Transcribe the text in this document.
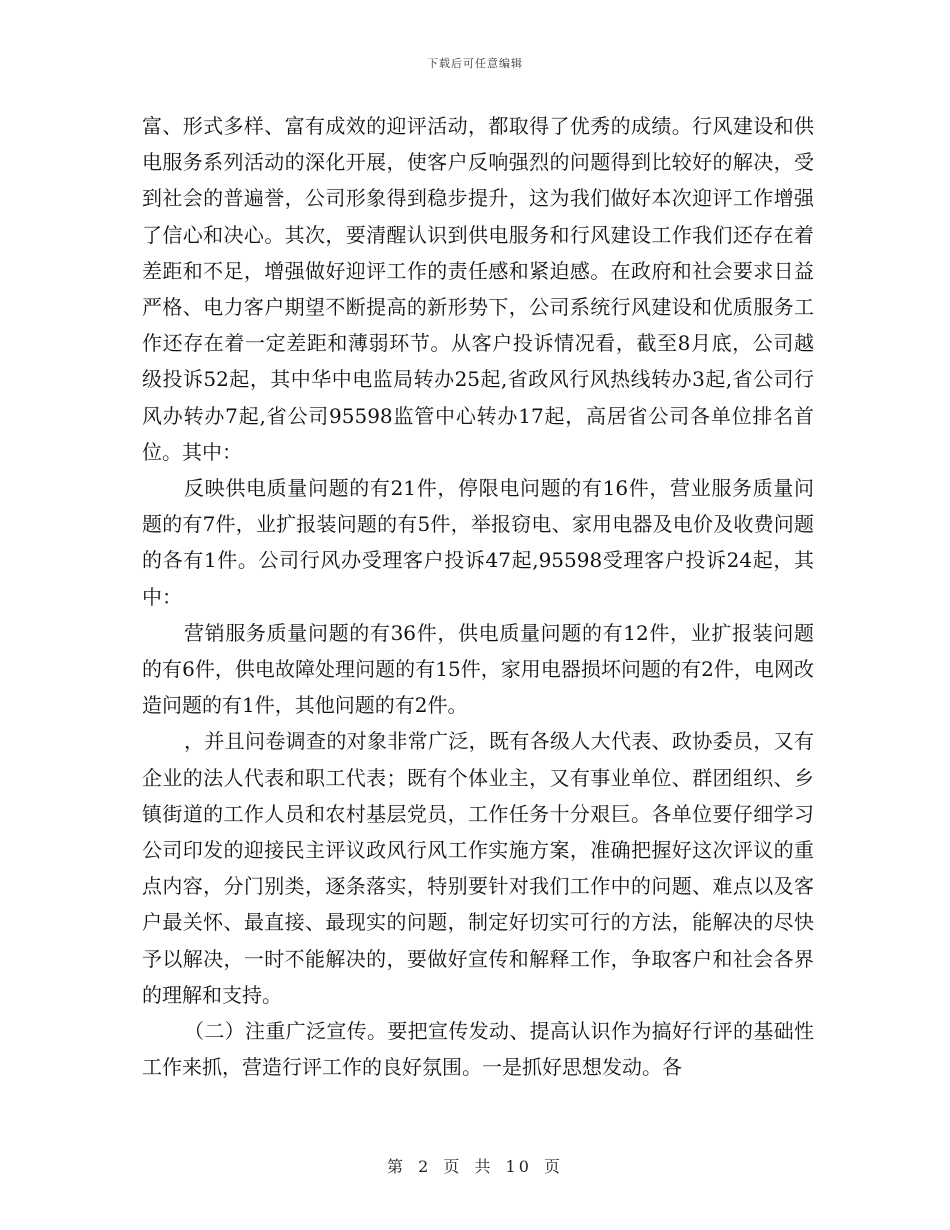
下载后可任意编辑

富、形式多样、富有成效的迎评活动，都取得了优秀的成绩。行风建设和供电服务系列活动的深化开展，使客户反响强烈的问题得到比较好的解决，受到社会的普遍誉，公司形象得到稳步提升，这为我们做好本次迎评工作增强了信心和决心。其次，要清醒认识到供电服务和行风建设工作我们还存在着差距和不足，增强做好迎评工作的责任感和紧迫感。在政府和社会要求日益严格、电力客户期望不断提高的新形势下，公司系统行风建设和优质服务工作还存在着一定差距和薄弱环节。从客户投诉情况看，截至8月底，公司越级投诉52起，其中华中电监局转办25起,省政风行风热线转办3起,省公司行风办转办7起,省公司95598监管中心转办17起，高居省公司各单位排名首位。其中：

反映供电质量问题的有21件，停限电问题的有16件，营业服务质量问题的有7件，业扩报装问题的有5件，举报窃电、家用电器及电价及收费问题的各有1件。公司行风办受理客户投诉47起,95598受理客户投诉24起，其中：

营销服务质量问题的有36件，供电质量问题的有12件，业扩报装问题的有6件，供电故障处理问题的有15件，家用电器损坏问题的有2件，电网改造问题的有1件，其他问题的有2件。

，并且问卷调查的对象非常广泛，既有各级人大代表、政协委员，又有企业的法人代表和职工代表；既有个体业主，又有事业单位、群团组织、乡镇街道的工作人员和农村基层党员，工作任务十分艰巨。各单位要仔细学习公司印发的迎接民主评议政风行风工作实施方案，准确把握好这次评议的重点内容，分门别类，逐条落实，特别要针对我们工作中的问题、难点以及客户最关怀、最直接、最现实的问题，制定好切实可行的方法，能解决的尽快予以解决，一时不能解决的，要做好宣传和解释工作，争取客户和社会各界的理解和支持。

（二）注重广泛宣传。要把宣传发动、提高认识作为搞好行评的基础性工作来抓，营造行评工作的良好氛围。一是抓好思想发动。各

第 2 页 共 10 页
